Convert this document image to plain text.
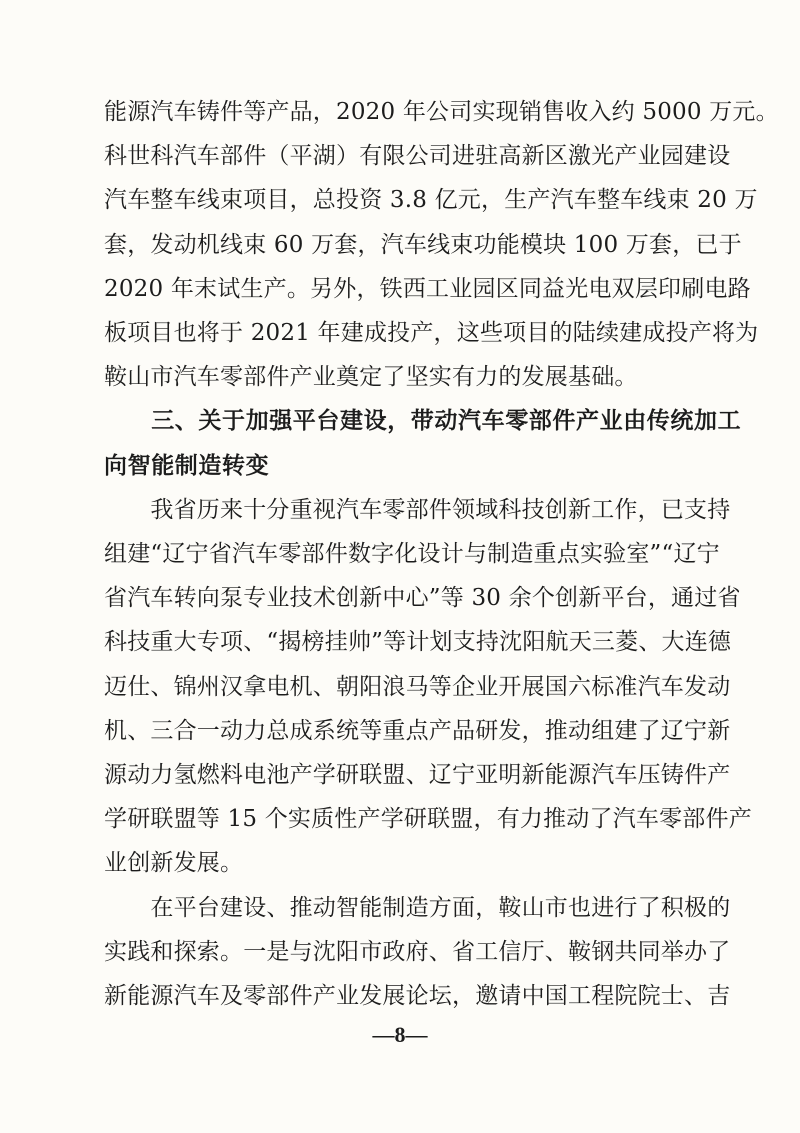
能源汽车铸件等产品，2020 年公司实现销售收入约 5000 万元。
科世科汽车部件（平湖）有限公司进驻高新区激光产业园建设
汽车整车线束项目，总投资 3.8 亿元，生产汽车整车线束 20 万
套，发动机线束 60 万套，汽车线束功能模块 100 万套，已于
2020 年末试生产。另外，铁西工业园区同益光电双层印刷电路
板项目也将于 2021 年建成投产，这些项目的陆续建成投产将为
鞍山市汽车零部件产业奠定了坚实有力的发展基础。
　　三、关于加强平台建设，带动汽车零部件产业由传统加工
向智能制造转变
　　我省历来十分重视汽车零部件领域科技创新工作，已支持
组建“辽宁省汽车零部件数字化设计与制造重点实验室”“辽宁
省汽车转向泵专业技术创新中心”等 30 余个创新平台，通过省
科技重大专项、“揭榜挂帅”等计划支持沈阳航天三菱、大连德
迈仕、锦州汉拿电机、朝阳浪马等企业开展国六标准汽车发动
机、三合一动力总成系统等重点产品研发，推动组建了辽宁新
源动力氢燃料电池产学研联盟、辽宁亚明新能源汽车压铸件产
学研联盟等 15 个实质性产学研联盟，有力推动了汽车零部件产
业创新发展。
　　在平台建设、推动智能制造方面，鞍山市也进行了积极的
实践和探索。一是与沈阳市政府、省工信厅、鞍钢共同举办了
新能源汽车及零部件产业发展论坛，邀请中国工程院院士、吉
—8—
